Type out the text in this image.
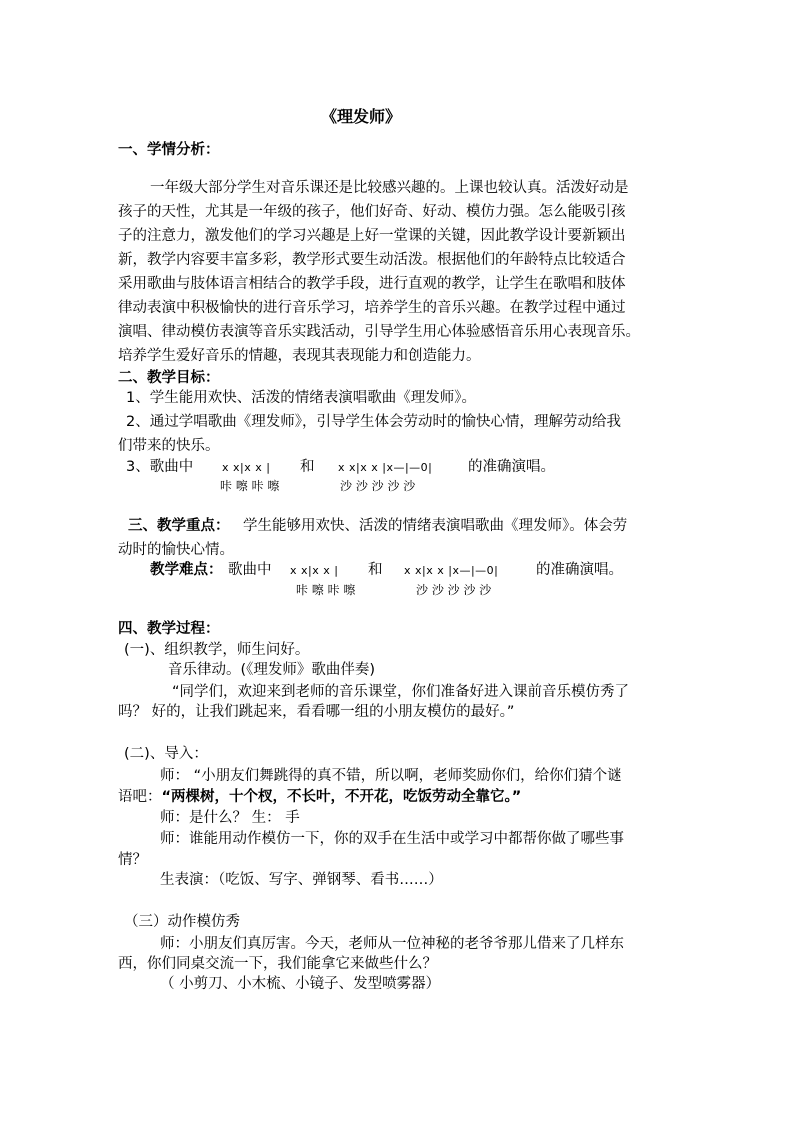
《理发师》
一、学情分析：
一年级大部分学生对音乐课还是比较感兴趣的。上课也较认真。活泼好动是
孩子的天性，尤其是一年级的孩子，他们好奇、好动、模仿力强。怎么能吸引孩
子的注意力，激发他们的学习兴趣是上好一堂课的关键，因此教学设计要新颖出
新，教学内容要丰富多彩，教学形式要生动活泼。根据他们的年龄特点比较适合
采用歌曲与肢体语言相结合的教学手段，进行直观的教学，让学生在歌唱和肢体
律动表演中积极愉快的进行音乐学习，培养学生的音乐兴趣。在教学过程中通过
演唱、律动模仿表演等音乐实践活动，引导学生用心体验感悟音乐用心表现音乐。
培养学生爱好音乐的情趣，表现其表现能力和创造能力。
二、教学目标：
1、学生能用欢快、活泼的情绪表演唱歌曲《理发师》。
2、通过学唱歌曲《理发师》，引导学生体会劳动时的愉快心情，理解劳动给我
们带来的快乐。
3、歌曲中	x x|x x | 和 x x|x x |x—|—0| 的准确演唱。
咔 嚓 咔 嚓	沙 沙 沙 沙 沙
三、教学重点： 学生能够用欢快、活泼的情绪表演唱歌曲《理发师》。体会劳
动时的愉快心情。
教学难点： 歌曲中 x x|x x | 和 x x|x x |x—|—0|	的准确演唱。
咔 嚓 咔 嚓	沙 沙 沙 沙 沙
四、教学过程：
(一)、组织教学，师生问好。
音乐律动。(《理发师》歌曲伴奏)
“同学们，欢迎来到老师的音乐课堂，你们准备好进入课前音乐模仿秀了
吗？ 好的，让我们跳起来，看看哪一组的小朋友模仿的最好。”
(二)、导入：
师： “小朋友们舞跳得的真不错，所以啊，老师奖励你们，给你们猜个谜
语吧：“两棵树，十个杈，不长叶，不开花，吃饭劳动全靠它。”
师：是什么？ 生： 手
师：谁能用动作模仿一下，你的双手在生活中或学习中都帮你做了哪些事
情？
生表演：（吃饭、写字、弹钢琴、看书……）
（三）动作模仿秀
师：小朋友们真厉害。今天，老师从一位神秘的老爷爷那儿借来了几样东
西，你们同桌交流一下，我们能拿它来做些什么？
（ 小剪刀、小木梳、小镜子、发型喷雾器）
